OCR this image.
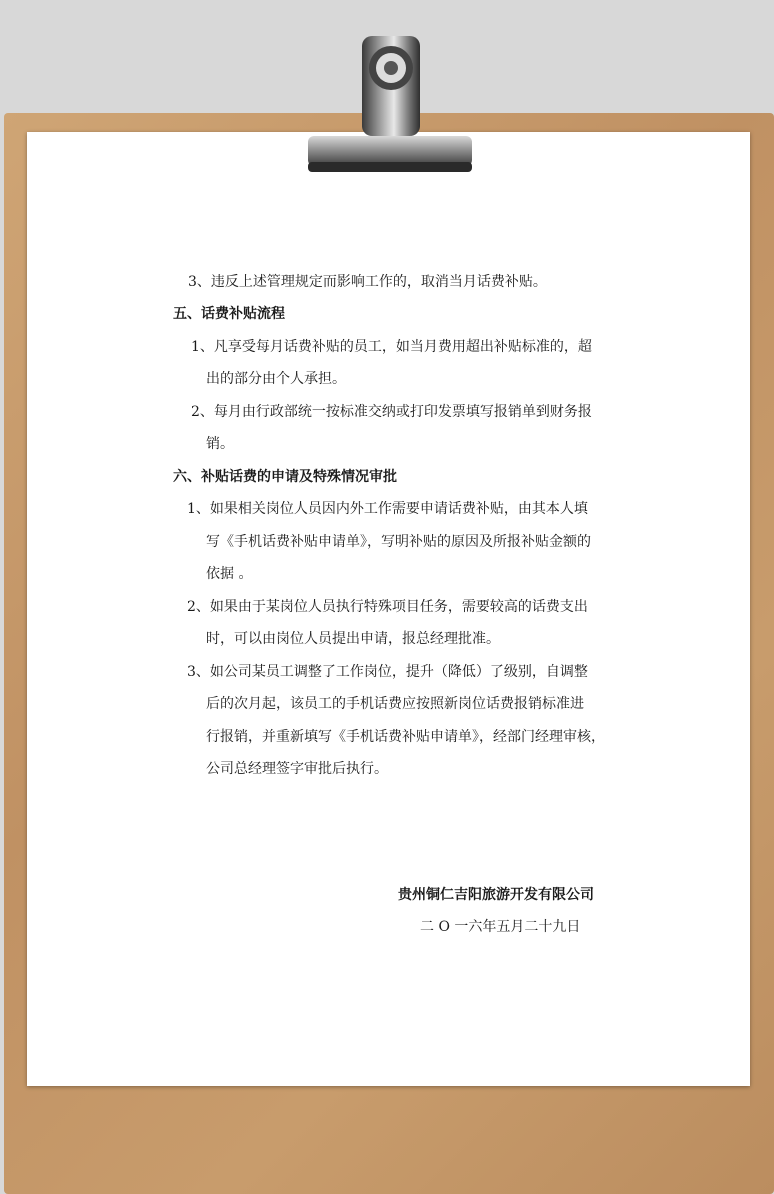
3、违反上述管理规定而影响工作的，取消当月话费补贴。
五、话费补贴流程
1、凡享受每月话费补贴的员工，如当月费用超出补贴标准的，超
出的部分由个人承担。
2、每月由行政部统一按标准交纳或打印发票填写报销单到财务报
销。
六、补贴话费的申请及特殊情况审批
1、如果相关岗位人员因内外工作需要申请话费补贴，由其本人填
写《手机话费补贴申请单》，写明补贴的原因及所报补贴金额的
依据 。
2、如果由于某岗位人员执行特殊项目任务，需要较高的话费支出
时，可以由岗位人员提出申请，报总经理批准。
3、如公司某员工调整了工作岗位，提升（降低）了级别，自调整
后的次月起，该员工的手机话费应按照新岗位话费报销标准进
行报销，并重新填写《手机话费补贴申请单》，经部门经理审核，
公司总经理签字审批后执行。
贵州铜仁吉阳旅游开发有限公司
二 O 一六年五月二十九日
